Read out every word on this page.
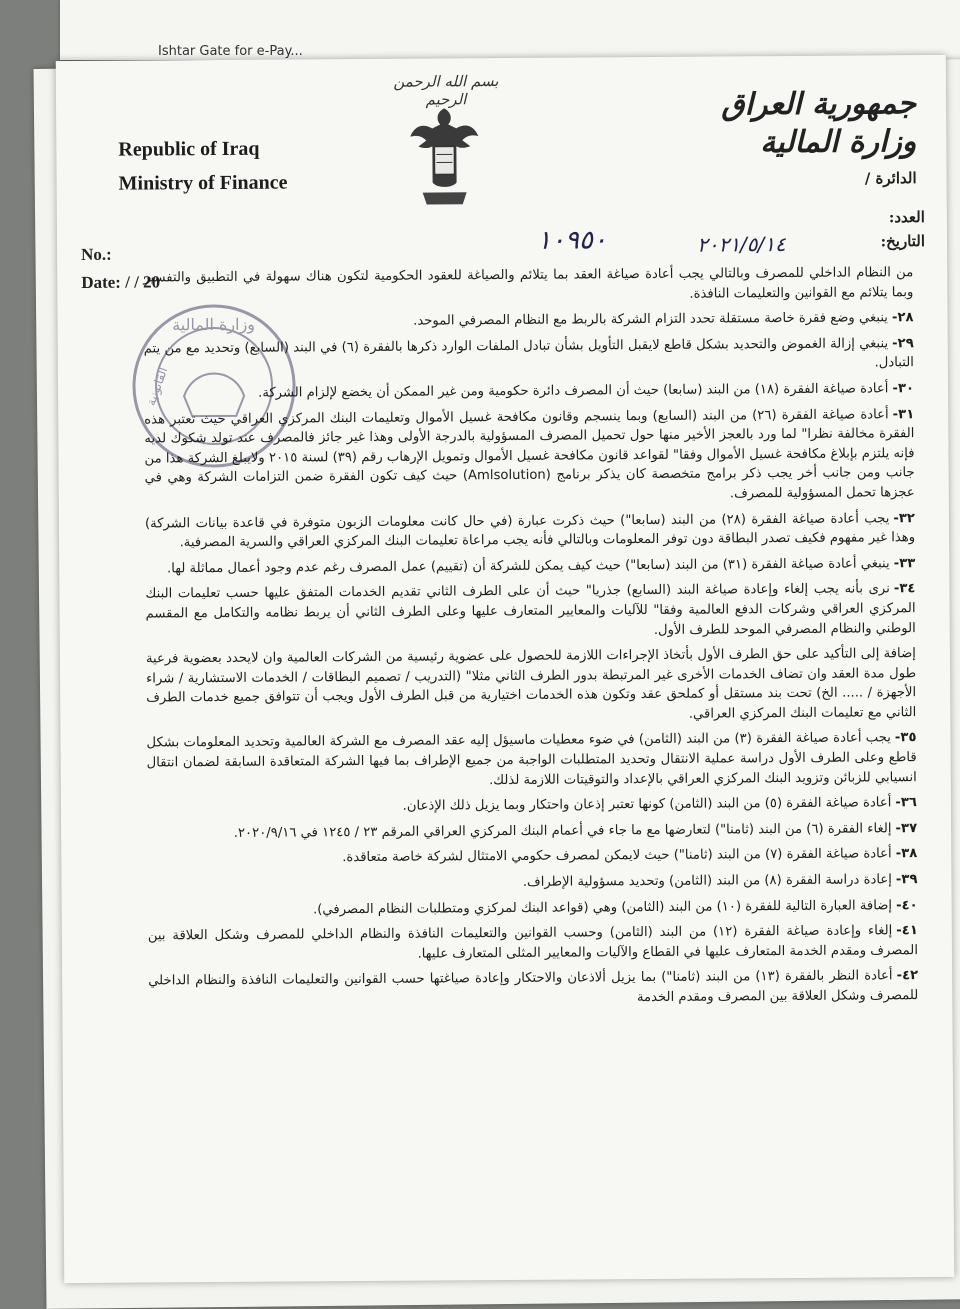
Ishtar Gate for e-Pay...
Republic of Iraq
Ministry of Finance
بسم الله الرحمن الرحيم	جمهورية العراق
وزارة المالية
الدائرة /
No.:
Date: / / 20
العدد:
التاريخ:
١٠٩٥٠	٢٠٢١/٥/١٤
وزارة المالية
القانونية

من النظام الداخلي للمصرف وبالتالي يجب أعادة صياغة العقد بما يتلائم والصياغة للعقود الحكومية لتكون هناك سهولة في التطبيق والتفسير وبما يتلائم مع القوانين والتعليمات النافذة.

٢٨-ينبغي وضع فقرة خاصة مستقلة تحدد التزام الشركة بالربط مع النظام المصرفي الموحد.

٢٩-ينبغي إزالة الغموض والتحديد بشكل قاطع لايقبل التأويل بشأن تبادل الملفات الوارد ذكرها بالفقرة (٦) في البند (السابع) وتحديد مع من يتم التبادل.

٣٠-أعادة صياغة الفقرة (١٨) من البند (سابعا) حيث أن المصرف دائرة حكومية ومن غير الممكن أن يخضع لإلزام الشركة.

٣١-أعادة صياغة الفقرة (٢٦) من البند (السابع) وبما ينسجم وقانون مكافحة غسيل الأموال وتعليمات البنك المركزي العراقي حيث تعتبر هذه الفقرة مخالفة نظرا" لما ورد بالعجز الأخير منها حول تحميل المصرف المسؤولية بالدرجة الأولى وهذا غير جائز فالمصرف عند تولد شكوك لديه فإنه يلتزم بإبلاغ مكافحة غسيل الأموال وفقا" لقواعد قانون مكافحة غسيل الأموال وتمويل الإرهاب رقم (٣٩) لسنة ٢٠١٥ ولايبلغ الشركة هذا من جانب ومن جانب أخر يجب ذكر برامج متخصصة كان يذكر برنامج (Amlsolution) حيث كيف تكون الفقرة ضمن التزامات الشركة وهي في عجزها تحمل المسؤولية للمصرف.

٣٢-يجب أعادة صياغة الفقرة (٢٨) من البند (سابعا") حيث ذكرت عبارة (في حال كانت معلومات الزبون متوفرة في قاعدة بيانات الشركة) وهذا غير مفهوم فكيف تصدر البطاقة دون توفر المعلومات وبالتالي فأنه يجب مراعاة تعليمات البنك المركزي العراقي والسرية المصرفية.

٣٣-ينبغي أعادة صياغة الفقرة (٣١) من البند (سابعا") حيث كيف يمكن للشركة أن (تقييم) عمل المصرف رغم عدم وجود أعمال مماثلة لها.

٣٤-نرى بأنه يجب إلغاء وإعادة صياغة البند (السابع) جذريا" حيث أن على الطرف الثاني تقديم الخدمات المتفق عليها حسب تعليمات البنك المركزي العراقي وشركات الدفع العالمية وفقا" للآليات والمعايير المتعارف عليها وعلى الطرف الثاني أن يربط نظامه والتكامل مع المقسم الوطني والنظام المصرفي الموحد للطرف الأول.

إضافة إلى التأكيد على حق الطرف الأول بأتخاذ الإجراءات اللازمة للحصول على عضوية رئيسية من الشركات العالمية وان لايحدد بعضوية فرعية طول مدة العقد وان تضاف الخدمات الأخرى غير المرتبطة بدور الطرف الثاني مثلا" (التدريب / تصميم البطاقات / الخدمات الاستشارية / شراء الأجهزة / ..... الخ) تحت بند مستقل أو كملحق عقد وتكون هذه الخدمات اختيارية من قبل الطرف الأول ويجب أن تتوافق جميع خدمات الطرف الثاني مع تعليمات البنك المركزي العراقي.

٣٥-يجب أعادة صياغة الفقرة (٣) من البند (الثامن) في ضوء معطيات ماسيؤل إليه عقد المصرف مع الشركة العالمية وتحديد المعلومات بشكل قاطع وعلى الطرف الأول دراسة عملية الانتقال وتحديد المتطلبات الواجبة من جميع الإطراف بما فيها الشركة المتعاقدة السابقة لضمان انتقال انسيابي للزبائن وتزويد البنك المركزي العراقي بالإعداد والتوقيتات اللازمة لذلك.

٣٦-أعادة صياغة الفقرة (٥) من البند (الثامن) كونها تعتبر إذعان واحتكار وبما يزيل ذلك الإذعان.

٣٧-إلغاء الفقرة (٦) من البند (ثامنا") لتعارضها مع ما جاء في أعمام البنك المركزي العراقي المرقم ٢٣ / ١٢٤٥ في ٢٠٢٠/٩/١٦.

٣٨-أعادة صياغة الفقرة (٧) من البند (ثامنا") حيث لايمكن لمصرف حكومي الامتثال لشركة خاصة متعاقدة.

٣٩-إعادة دراسة الفقرة (٨) من البند (الثامن) وتحديد مسؤولية الإطراف.

٤٠-إضافة العبارة التالية للفقرة (١٠) من البند (الثامن) وهي (قواعد البنك لمركزي ومتطلبات النظام المصرفي).

٤١-إلغاء وإعادة صياغة الفقرة (١٢) من البند (الثامن) وحسب القوانين والتعليمات النافذة والنظام الداخلي للمصرف وشكل العلاقة بين المصرف ومقدم الخدمة المتعارف عليها في القطاع والآليات والمعايير المثلى المتعارف عليها.

٤٢-أعادة النظر بالفقرة (١٣) من البند (ثامنا") بما يزيل ألاذعان والاحتكار وإعادة صياغتها حسب القوانين والتعليمات النافذة والنظام الداخلي للمصرف وشكل العلاقة بين المصرف ومقدم الخدمة
